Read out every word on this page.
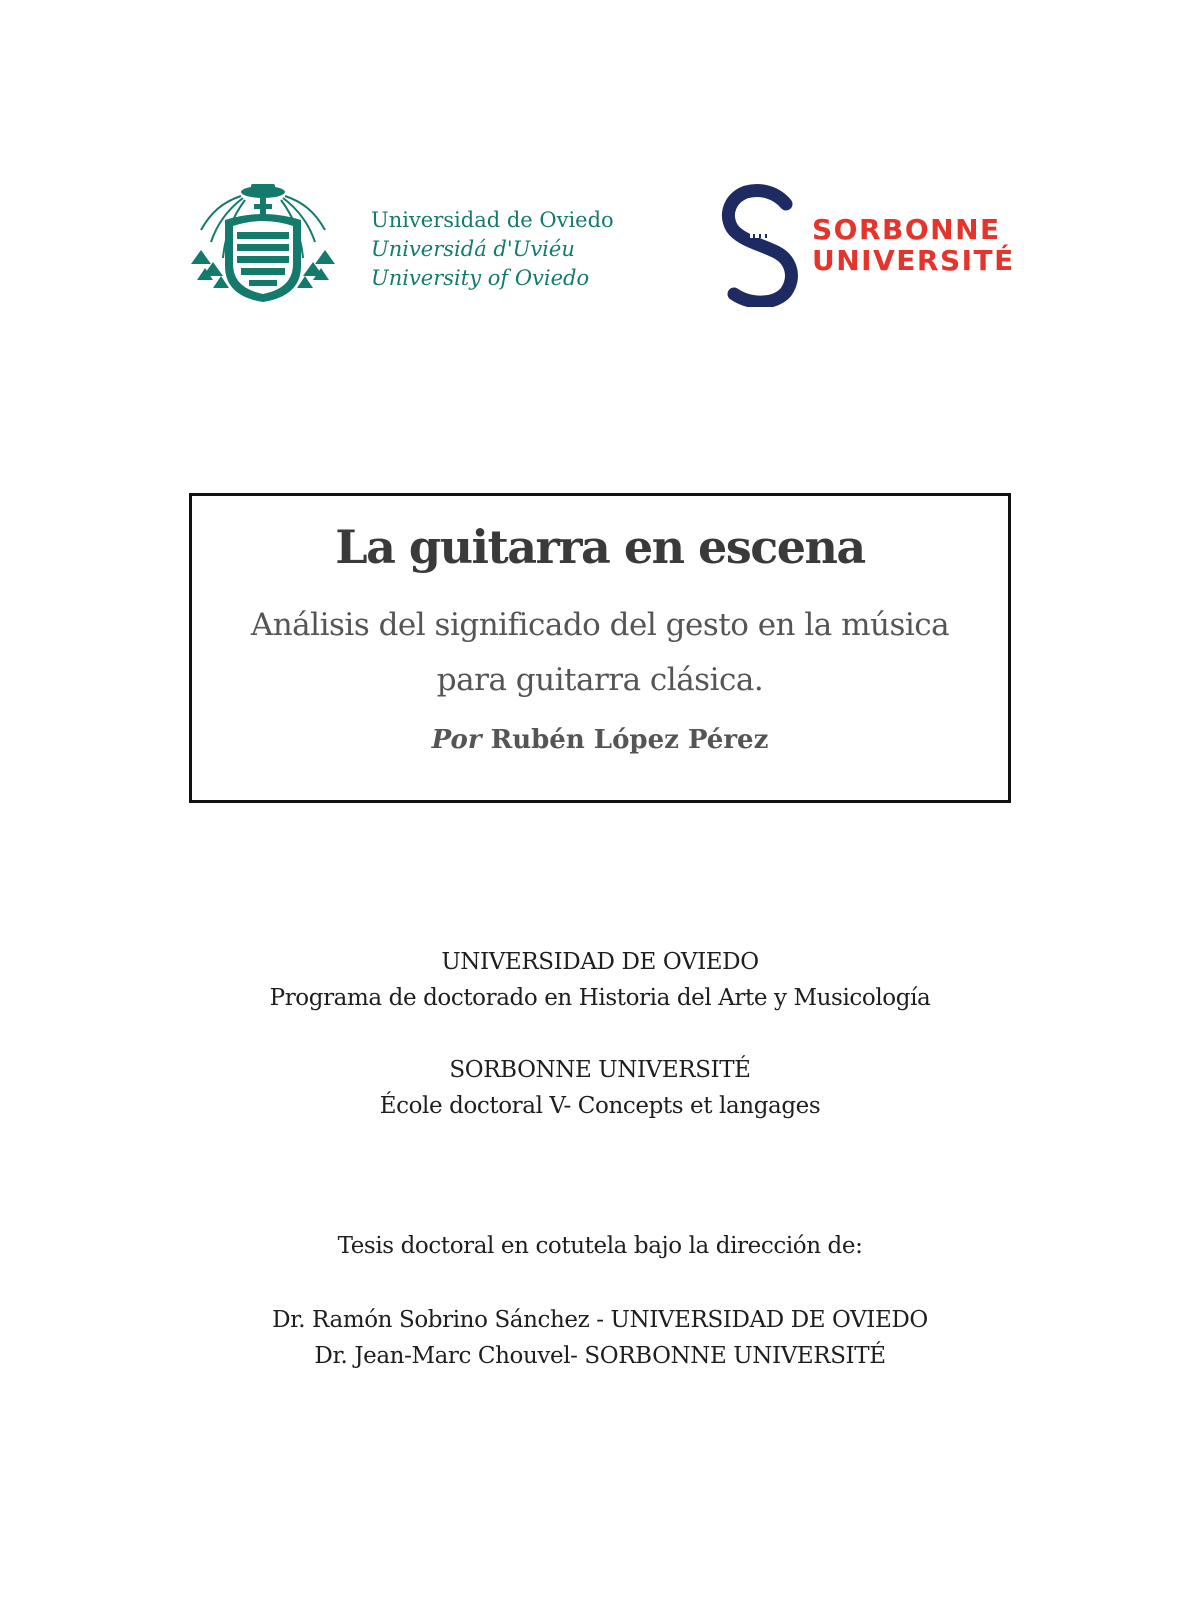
Universidad de Oviedo
Universidá d'Uviéu
University of Oviedo
SORBONNE
UNIVERSITÉ
La guitarra en escena
Análisis del significado del gesto en la música
para guitarra clásica.
Por Rubén López Pérez
UNIVERSIDAD DE OVIEDO
Programa de doctorado en Historia del Arte y Musicología
SORBONNE UNIVERSITÉ
École doctoral V- Concepts et langages
Tesis doctoral en cotutela bajo la dirección de:
Dr. Ramón Sobrino Sánchez - UNIVERSIDAD DE OVIEDO
Dr. Jean-Marc Chouvel- SORBONNE UNIVERSITÉ
